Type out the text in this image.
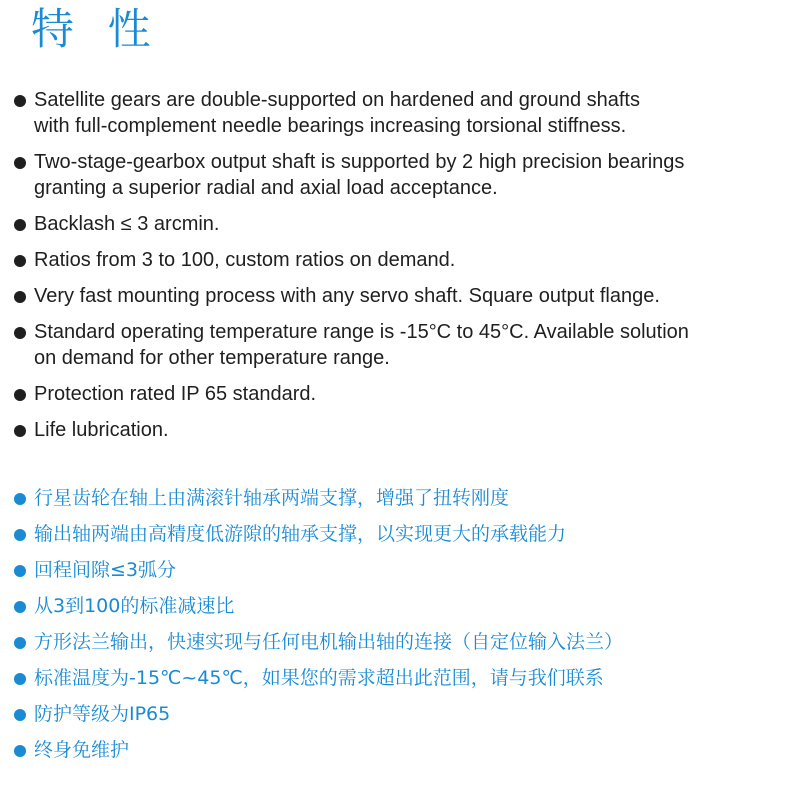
特 性
Satellite gears are double-supported on hardened and ground shafts
with full-complement needle bearings increasing torsional stiffness.
Two-stage-gearbox output shaft is supported by 2 high precision bearings
granting a superior radial and axial load acceptance.
Backlash ≤ 3 arcmin.
Ratios from 3 to 100, custom ratios on demand.
Very fast mounting process with any servo shaft. Square output flange.
Standard operating temperature range is -15°C to 45°C. Available solution
on demand for other temperature range.
Protection rated IP 65 standard.
Life lubrication.
行星齿轮在轴上由满滚针轴承两端支撑，增强了扭转刚度
输出轴两端由高精度低游隙的轴承支撑，以实现更大的承载能力
回程间隙≤3弧分
从3到100的标准减速比
方形法兰输出，快速实现与任何电机输出轴的连接（自定位输入法兰）
标准温度为-15℃~45℃，如果您的需求超出此范围，请与我们联系
防护等级为IP65
终身免维护
